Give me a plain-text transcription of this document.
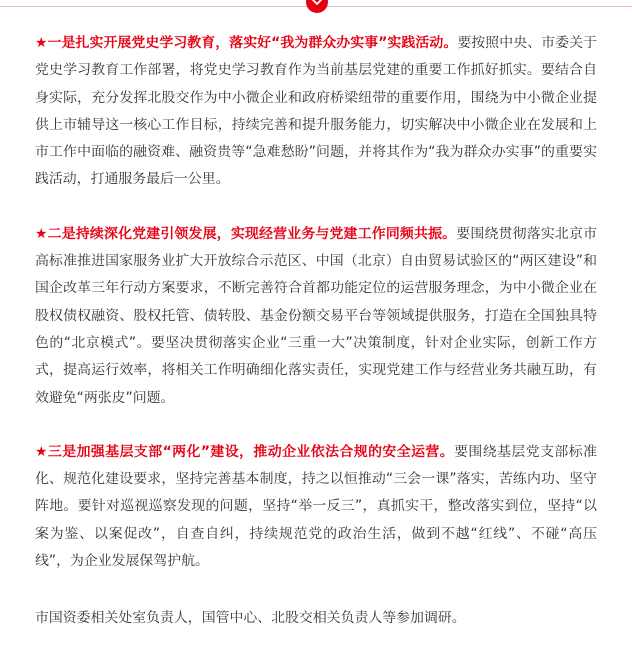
★一是扎实开展党史学习教育，落实好“我为群众办实事”实践活动。要按照中央、市委关于党史学习教育工作部署，将党史学习教育作为当前基层党建的重要工作抓好抓实。要结合自身实际，充分发挥北股交作为中小微企业和政府桥梁纽带的重要作用，围绕为中小微企业提供上市辅导这一核心工作目标，持续完善和提升服务能力，切实解决中小微企业在发展和上市工作中面临的融资难、融资贵等“急难愁盼”问题，并将其作为“我为群众办实事”的重要实践活动，打通服务最后一公里。

★二是持续深化党建引领发展，实现经营业务与党建工作同频共振。要围绕贯彻落实北京市高标准推进国家服务业扩大开放综合示范区、中国（北京）自由贸易试验区的“两区建设”和国企改革三年行动方案要求，不断完善符合首都功能定位的运营服务理念，为中小微企业在股权债权融资、股权托管、债转股、基金份额交易平台等领域提供服务，打造在全国独具特色的“北京模式”。要坚决贯彻落实企业“三重一大”决策制度，针对企业实际，创新工作方式，提高运行效率，将相关工作明确细化落实责任，实现党建工作与经营业务共融互助，有效避免“两张皮”问题。

★三是加强基层支部“两化”建设，推动企业依法合规的安全运营。要围绕基层党支部标准化、规范化建设要求，坚持完善基本制度，持之以恒推动“三会一课”落实，苦练内功、坚守阵地。要针对巡视巡察发现的问题，坚持“举一反三”，真抓实干，整改落实到位，坚持“以案为鉴、以案促改”，自查自纠，持续规范党的政治生活，做到不越“红线”、不碰“高压线”，为企业发展保驾护航。

市国资委相关处室负责人，国管中心、北股交相关负责人等参加调研。
